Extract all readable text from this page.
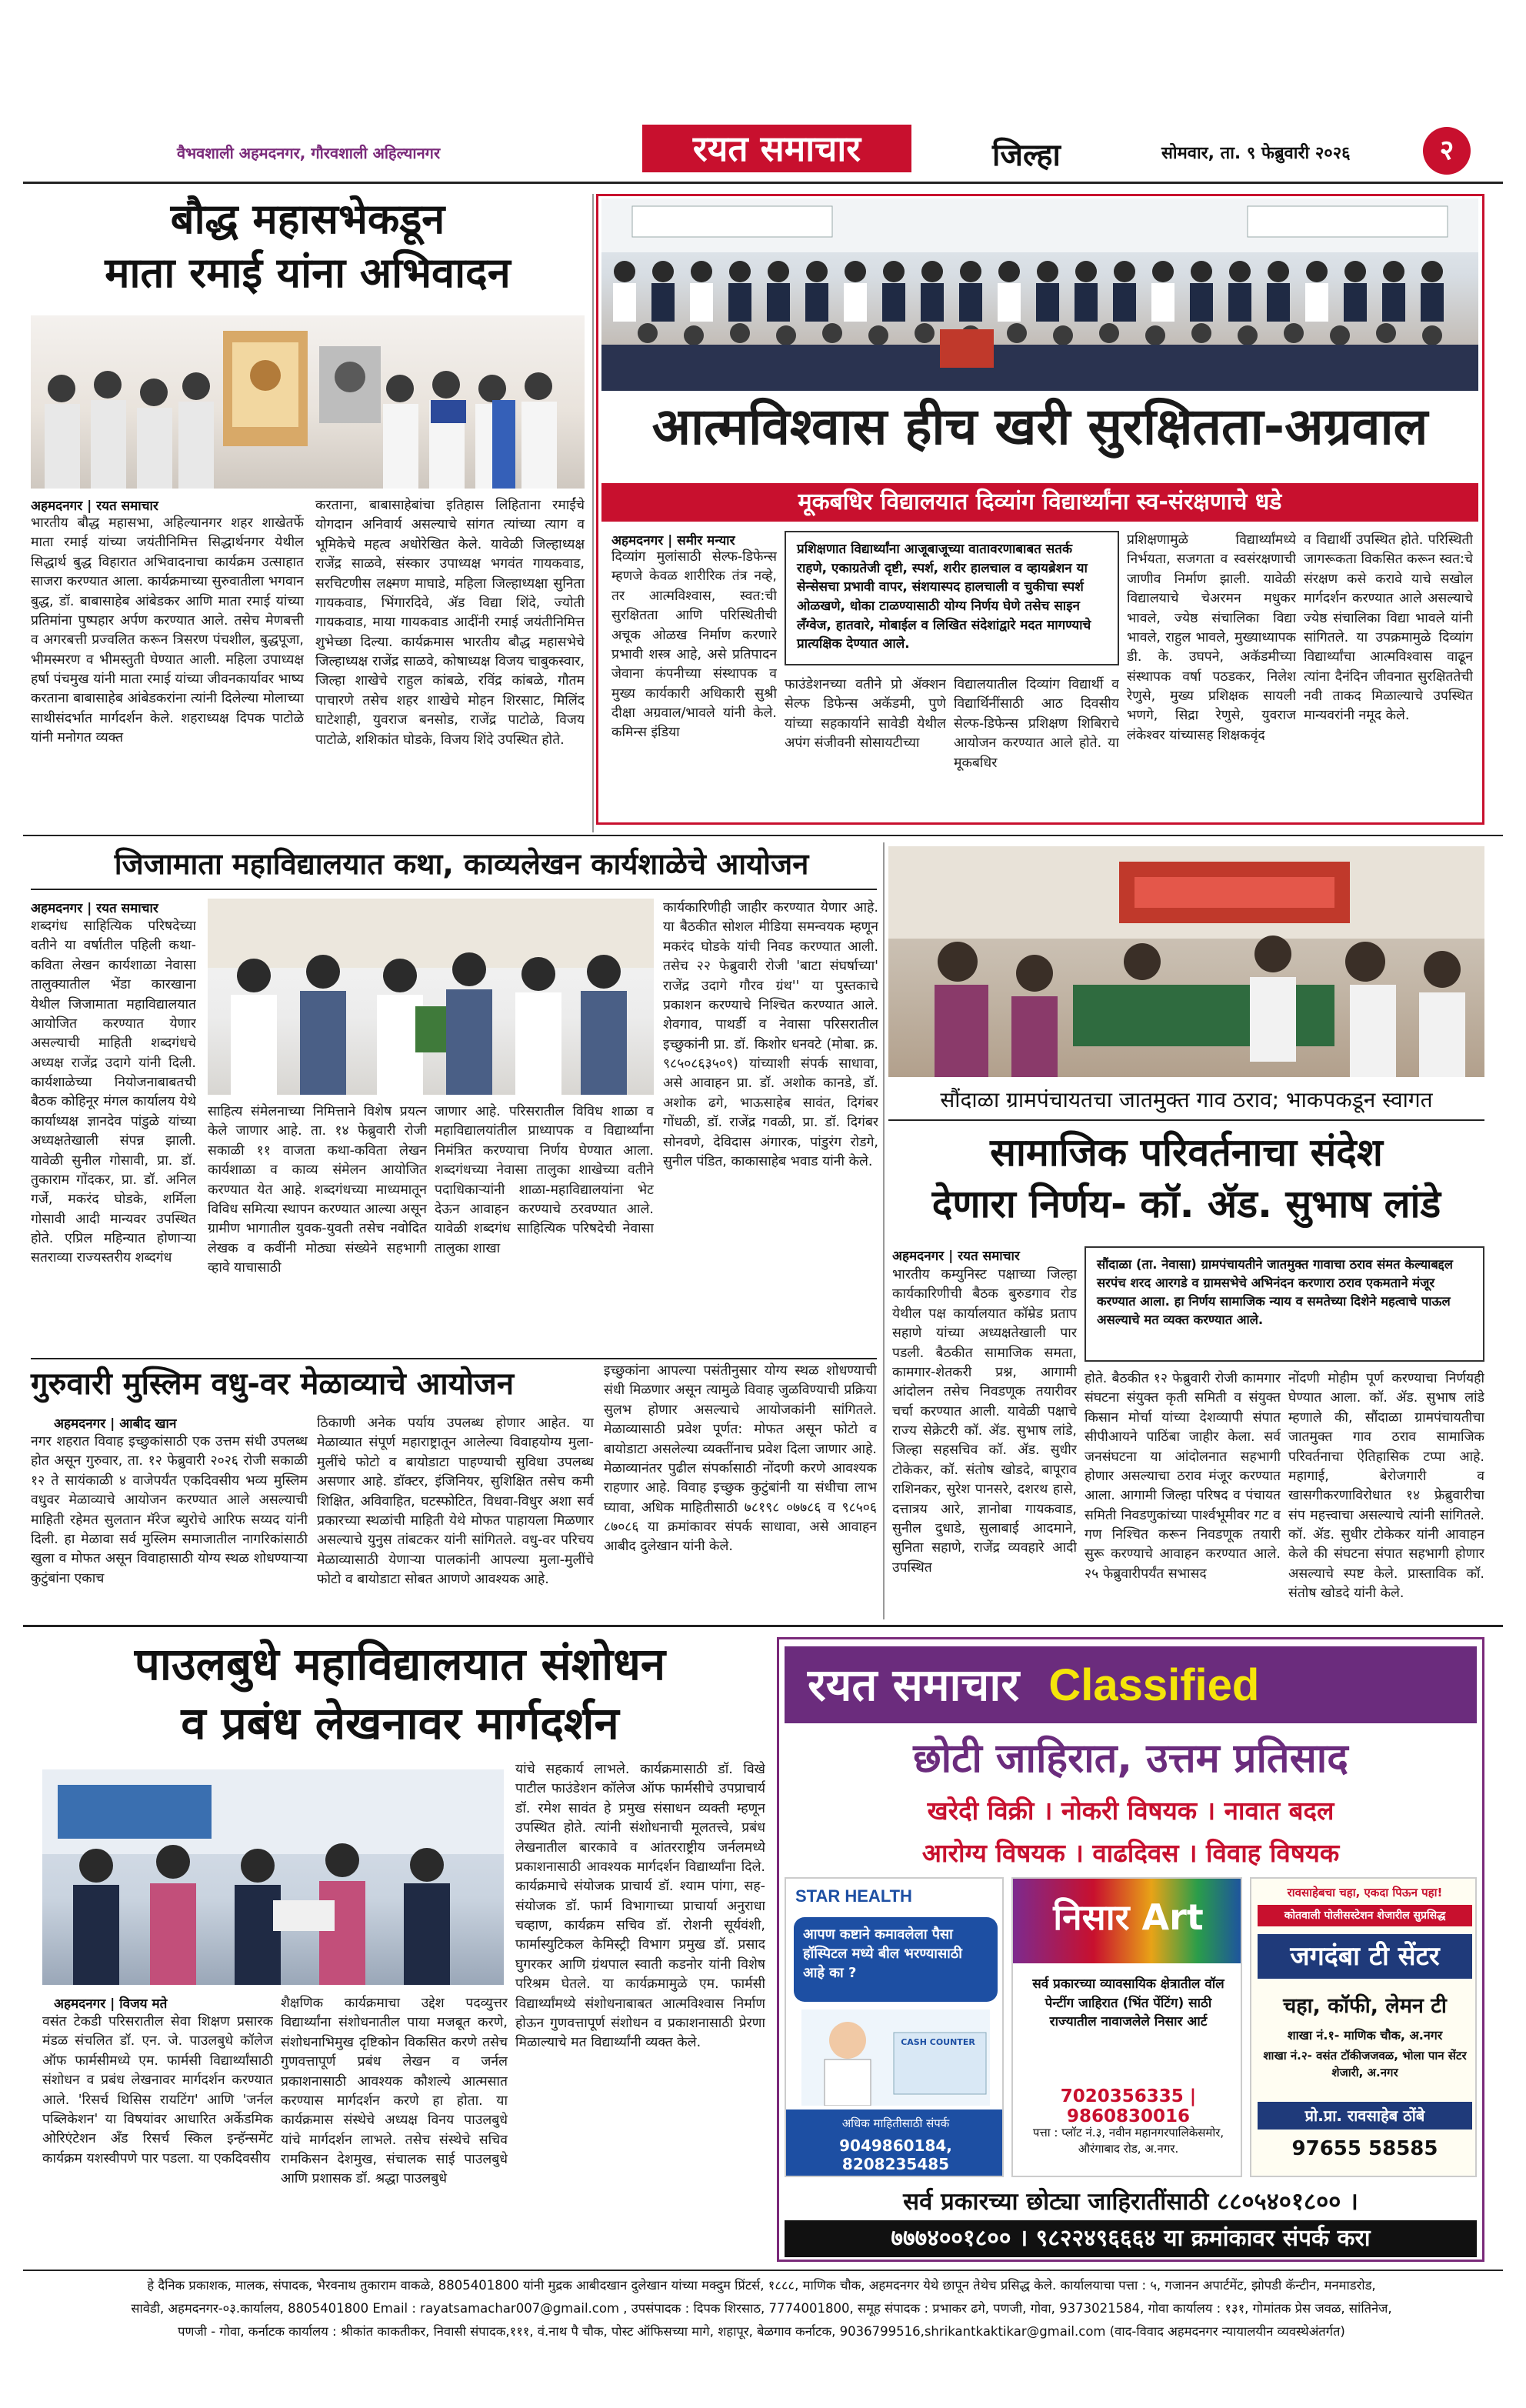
वैभवशाली अहमदनगर, गौरवशाली अहिल्यानगर	रयत समाचार	जिल्हा	सोमवार, ता. ९ फेब्रुवारी २०२६	२
बौद्ध महासभेकडून
माता रमाई यांना अभिवादन
अहमदनगर | रयत समाचार
भारतीय बौद्ध महासभा, अहिल्यानगर शहर शाखेतर्फे माता रमाई यांच्या जयंतीनिमित्त सिद्धार्थनगर येथील सिद्धार्थ बुद्ध विहारात अभिवादनाचा कार्यक्रम उत्साहात साजरा करण्यात आला. कार्यक्रमाच्या सुरुवातीला भगवान बुद्ध, डॉ. बाबासाहेब आंबेडकर आणि माता रमाई यांच्या प्रतिमांना पुष्पहार अर्पण करण्यात आले. तसेच मेणबत्ती व अगरबत्ती प्रज्वलित करून त्रिसरण पंचशील, बुद्धपूजा, भीमस्मरण व भीमस्तुती घेण्यात आली. महिला उपाध्यक्ष हर्षा पंचमुख यांनी माता रमाई यांच्या जीवनकार्यावर भाष्य करताना बाबासाहेब आंबेडकरांना त्यांनी दिलेल्या मोलाच्या साथीसंदर्भात मार्गदर्शन केले. शहराध्यक्ष दिपक पाटोळे यांनी मनोगत व्यक्त
करताना, बाबासाहेबांचा इतिहास लिहिताना रमाईंचे योगदान अनिवार्य असल्याचे सांगत त्यांच्या त्याग व भूमिकेचे महत्व अधोरेखित केले. यावेळी जिल्हाध्यक्ष राजेंद्र साळवे, संस्कार उपाध्यक्ष भगवंत गायकवाड, सरचिटणीस लक्ष्मण माघाडे, महिला जिल्हाध्यक्षा सुनिता गायकवाड, भिंगारदिवे, ॲड विद्या शिंदे, ज्योती गायकवाड, माया गायकवाड आदींनी रमाई जयंतीनिमित्त शुभेच्छा दिल्या. कार्यक्रमास भारतीय बौद्ध महासभेचे जिल्हाध्यक्ष राजेंद्र साळवे, कोषाध्यक्ष विजय चाबुकस्वार, जिल्हा शाखेचे राहुल कांबळे, रविंद्र कांबळे, गौतम पाचारणे तसेच शहर शाखेचे मोहन शिरसाट, मिलिंद घाटेशाही, युवराज बनसोड, राजेंद्र पाटोळे, विजय पाटोळे, शशिकांत घोडके, विजय शिंदे उपस्थित होते.
आत्मविश्वास हीच खरी सुरक्षितता-अग्रवाल
मूकबधिर विद्यालयात दिव्यांग विद्यार्थ्यांना स्व-संरक्षणाचे धडे
अहमदनगर | समीर मन्यार
दिव्यांग मुलांसाठी सेल्फ-डिफेन्स म्हणजे केवळ शारीरिक तंत्र नव्हे, तर आत्मविश्वास, स्वत:ची सुरक्षितता आणि परिस्थितीची अचूक ओळख निर्माण करणारे प्रभावी शस्त्र आहे, असे प्रतिपादन जेवाना कंपनीच्या संस्थापक व मुख्य कार्यकारी अधिकारी सुश्री दीक्षा अग्रवाल/भावले यांनी केले. कमिन्स इंडिया
प्रशिक्षणात विद्यार्थ्यांना आजूबाजूच्या वातावरणाबाबत सतर्क राहणे, एकाग्रतेजी दृष्टी, स्पर्श, शरीर हालचाल व व्हायब्रेशन या सेन्सेसचा प्रभावी वापर, संशयास्पद हालचाली व चुकीचा स्पर्श ओळखणे, धोका टाळण्यासाठी योग्य निर्णय घेणे तसेच साइन लँग्वेज, हातवारे, मोबाईल व लिखित संदेशांद्वारे मदत मागण्याचे प्रात्यक्षिक देण्यात आले.
फाउंडेशनच्या वतीने प्रो ॲक्शन सेल्फ डिफेन्स अकॅडमी, पुणे यांच्या सहकार्याने सावेडी येथील अपंग संजीवनी सोसायटीच्या
विद्यालयातील दिव्यांग विद्यार्थी व विद्यार्थिनींसाठी आठ दिवसीय सेल्फ-डिफेन्स प्रशिक्षण शिबिराचे आयोजन करण्यात आले होते. या मूकबधिर
प्रशिक्षणामुळे विद्यार्थ्यांमध्ये निर्भयता, सजगता व स्वसंरक्षणाची जाणीव निर्माण झाली. यावेळी विद्यालयाचे चेअरमन मधुकर भावले, ज्येष्ठ संचालिका विद्या भावले, राहुल भावले, मुख्याध्यापक डी. के. उघपने, अकॅडमीच्या संस्थापक वर्षा पठडकर, निलेश रेणुसे, मुख्य प्रशिक्षक सायली भणगे, सिद्रा रेणुसे, युवराज लंकेश्वर यांच्यासह शिक्षकवृंद
व विद्यार्थी उपस्थित होते. परिस्थिती जागरूकता विकसित करून स्वत:चे संरक्षण कसे करावे याचे सखोल मार्गदर्शन करण्यात आले असल्याचे ज्येष्ठ संचालिका विद्या भावले यांनी सांगितले. या उपक्रमामुळे दिव्यांग विद्यार्थ्यांचा आत्मविश्वास वाढून त्यांना दैनंदिन जीवनात सुरक्षिततेची नवी ताकद मिळाल्याचे उपस्थित मान्यवरांनी नमूद केले.
जिजामाता महाविद्यालयात कथा, काव्यलेखन कार्यशाळेचे आयोजन
अहमदनगर | रयत समाचार
शब्दगंध साहित्यिक परिषदेच्या वतीने या वर्षातील पहिली कथा-कविता लेखन कार्यशाळा नेवासा तालुक्यातील भेंडा कारखाना येथील जिजामाता महाविद्यालयात आयोजित करण्यात येणार असल्याची माहिती शब्दगंधचे अध्यक्ष राजेंद्र उदागे यांनी दिली. कार्यशाळेच्या नियोजनाबाबतची बैठक कोहिनूर मंगल कार्यालय येथे कार्याध्यक्ष ज्ञानदेव पांडुळे यांच्या अध्यक्षतेखाली संपन्न झाली. यावेळी सुनील गोसावी, प्रा. डॉ. तुकाराम गोंदकर, प्रा. डॉ. अनिल गर्जे, मकरंद घोडके, शर्मिला गोसावी आदी मान्यवर उपस्थित होते. एप्रिल महिन्यात होणाऱ्या सतराव्या राज्यस्तरीय शब्दगंध
साहित्य संमेलनाच्या निमित्ताने विशेष प्रयत्न केले जाणार आहे. ता. १४ फेब्रुवारी रोजी सकाळी ११ वाजता कथा-कविता लेखन कार्यशाळा व काव्य संमेलन आयोजित करण्यात येत आहे. शब्दगंधच्या माध्यमातून विविध समित्या स्थापन करण्यात आल्या असून ग्रामीण भागातील युवक-युवती तसेच नवोदित लेखक व कवींनी मोठ्या संख्येने सहभागी व्हावे याचासाठी
जाणार आहे. परिसरातील विविध शाळा व महाविद्यालयांतील प्राध्यापक व विद्यार्थ्यांना निमंत्रित करण्याचा निर्णय घेण्यात आला. शब्दगंधच्या नेवासा तालुका शाखेच्या वतीने पदाधिकाऱ्यांनी शाळा-महाविद्यालयांना भेट देऊन आवाहन करण्याचे ठरवण्यात आले. यावेळी शब्दगंध साहित्यिक परिषदेची नेवासा तालुका शाखा
कार्यकारिणीही जाहीर करण्यात येणार आहे. या बैठकीत सोशल मीडिया समन्वयक म्हणून मकरंद घोडके यांची निवड करण्यात आली. तसेच २२ फेब्रुवारी रोजी 'बाटा संघर्षाच्या' राजेंद्र उदागे गौरव ग्रंथ'' या पुस्तकाचे प्रकाशन करण्याचे निश्चित करण्यात आले. शेवगाव, पाथर्डी व नेवासा परिसरातील इच्छुकांनी प्रा. डॉ. किशोर धनवटे (मोबा. क्र. ९८५०८६३५०९) यांच्याशी संपर्क साधावा, असे आवाहन प्रा. डॉ. अशोक कानडे, डॉ. अशोक ढगे, भाऊसाहेब सावंत, दिगंबर गोंधळी, डॉ. राजेंद्र गवळी, प्रा. डॉ. दिगंबर सोनवणे, देविदास अंगारक, पांडुरंग रोडगे, सुनील पंडित, काकासाहेब भवाड यांनी केले.
सौंदाळा ग्रामपंचायतचा जातमुक्त गाव ठराव; भाकपकडून स्वागत
सामाजिक परिवर्तनाचा संदेश
देणारा निर्णय- कॉ. ॲड. सुभाष लांडे
अहमदनगर | रयत समाचार
भारतीय कम्युनिस्ट पक्षाच्या जिल्हा कार्यकारिणीची बैठक बुरुडगाव रोड येथील पक्ष कार्यालयात कॉम्रेड प्रताप सहाणे यांच्या अध्यक्षतेखाली पार पडली. बैठकीत सामाजिक समता, कामगार-शेतकरी प्रश्न, आगामी आंदोलन तसेच निवडणूक तयारीवर चर्चा करण्यात आली. यावेळी पक्षाचे राज्य सेक्रेटरी कॉ. ॲड. सुभाष लांडे, जिल्हा सहसचिव कॉ. ॲड. सुधीर टोकेकर, कॉ. संतोष खोडदे, बापूराव राशिनकर, सुरेश पानसरे, दशरथ हासे, दत्तात्रय आरे, ज्ञानोबा गायकवाड, सुनील दुधाडे, सुलाबाई आदमाने, सुनिता सहाणे, राजेंद्र व्यवहारे आदी उपस्थित
सौंदाळा (ता. नेवासा) ग्रामपंचायतीने जातमुक्त गावाचा ठराव संमत केल्याबद्दल सरपंच शरद आरगडे व ग्रामसभेचे अभिनंदन करणारा ठराव एकमताने मंजूर करण्यात आला. हा निर्णय सामाजिक न्याय व समतेच्या दिशेने महत्वाचे पाऊल असल्याचे मत व्यक्त करण्यात आले.
होते. बैठकीत १२ फेब्रुवारी रोजी कामगार संघटना संयुक्त कृती समिती व संयुक्त किसान मोर्चा यांच्या देशव्यापी संपात सीपीआयने पाठिंबा जाहीर केला. सर्व जनसंघटना या आंदोलनात सहभागी होणार असल्याचा ठराव मंजूर करण्यात आला. आगामी जिल्हा परिषद व पंचायत समिती निवडणुकांच्या पार्श्वभूमीवर गट व गण निश्चित करून निवडणूक तयारी सुरू करण्याचे आवाहन करण्यात आले. २५ फेब्रुवारीपर्यंत सभासद
नोंदणी मोहीम पूर्ण करण्याचा निर्णयही घेण्यात आला. कॉ. ॲड. सुभाष लांडे म्हणाले की, सौंदाळा ग्रामपंचायतीचा जातमुक्त गाव ठराव सामाजिक परिवर्तनाचा ऐतिहासिक टप्पा आहे. महागाई, बेरोजगारी व खासगीकरणाविरोधात १४ फ्रेब्रुवारीचा संप महत्त्वाचा असल्याचे त्यांनी सांगितले. कॉ. ॲड. सुधीर टोकेकर यांनी आवाहन केले की संघटना संपात सहभागी होणार असल्याचे स्पष्ट केले. प्रास्ताविक कॉ. संतोष खोडदे यांनी केले.
गुरुवारी मुस्लिम वधु-वर मेळाव्याचे आयोजन
अहमदनगर | आबीद खान
नगर शहरात विवाह इच्छुकांसाठी एक उत्तम संधी उपलब्ध होत असून गुरुवार, ता. १२ फेब्रुवारी २०२६ रोजी सकाळी १२ ते सायंकाळी ४ वाजेपर्यंत एकदिवसीय भव्य मुस्लिम वधुवर मेळाव्याचे आयोजन करण्यात आले असल्याची माहिती रहेमत सुलतान मॅरेज ब्युरोचे आरिफ सय्यद यांनी दिली. हा मेळावा सर्व मुस्लिम समाजातील नागरिकांसाठी खुला व मोफत असून विवाहासाठी योग्य स्थळ शोधण्याऱ्या कुटुंबांना एकाच
ठिकाणी अनेक पर्याय उपलब्ध होणार आहेत. या मेळाव्यात संपूर्ण महाराष्ट्रातून आलेल्या विवाहयोग्य मुला-मुलींचे फोटो व बायोडाटा पाहण्याची सुविधा उपलब्ध असणार आहे. डॉक्टर, इंजिनियर, सुशिक्षित तसेच कमी शिक्षित, अविवाहित, घटस्फोटित, विधवा-विधुर अशा सर्व प्रकारच्या स्थळांची माहिती येथे मोफत पाहायला मिळणार असल्याचे युनुस तांबटकर यांनी सांगितले. वधु-वर परिचय मेळाव्यासाठी येणाऱ्या पालकांनी आपल्या मुला-मुलींचे फोटो व बायोडाटा सोबत आणणे आवश्यक आहे.
इच्छुकांना आपल्या पसंतीनुसार योग्य स्थळ शोधण्याची संधी मिळणार असून त्यामुळे विवाह जुळविण्याची प्रक्रिया सुलभ होणार असल्याचे आयोजकांनी सांगितले. मेळाव्यासाठी प्रवेश पूर्णत: मोफत असून फोटो व बायोडाटा असलेल्या व्यक्तींनाच प्रवेश दिला जाणार आहे. मेळाव्यानंतर पुढील संपर्कासाठी नोंदणी करणे आवश्यक राहणार आहे. विवाह इच्छुक कुटुंबांनी या संधीचा लाभ घ्यावा, अधिक माहितीसाठी ७८१९८ ०७७८६ व ९८५०६ ८७०८६ या क्रमांकावर संपर्क साधावा, असे आवाहन आबीद दुलेखान यांनी केले.
पाउलबुधे महाविद्यालयात संशोधन
व प्रबंध लेखनावर मार्गदर्शन
अहमदनगर | विजय मते
वसंत टेकडी परिसरातील सेवा शिक्षण प्रसारक मंडळ संचलित डॉ. एन. जे. पाउलबुधे कॉलेज ऑफ फार्मसीमध्ये एम. फार्मसी विद्यार्थ्यांसाठी संशोधन व प्रबंध लेखनावर मार्गदर्शन करण्यात आले. 'रिसर्च थिसिस रायटिंग' आणि 'जर्नल पब्लिकेशन' या विषयांवर आधारित अर्केडमिक ओरिएंटेशन अँड रिसर्च स्किल इन्हॅन्समेंट कार्यक्रम यशस्वीपणे पार पडला. या एकदिवसीय
शैक्षणिक कार्यक्रमाचा उद्देश पदव्युत्तर विद्यार्थ्यांना संशोधनातील पाया मजबूत करणे, संशोधनाभिमुख दृष्टिकोन विकसित करणे तसेच गुणवत्तापूर्ण प्रबंध लेखन व जर्नल प्रकाशनासाठी आवश्यक कौशल्ये आत्मसात करण्यास मार्गदर्शन करणे हा होता. या कार्यक्रमास संस्थेचे अध्यक्ष विनय पाउलबुधे यांचे मार्गदर्शन लाभले. तसेच संस्थेचे सचिव रामकिसन देशमुख, संचालक साई पाउलबुधे आणि प्रशासक डॉ. श्रद्धा पाउलबुधे
यांचे सहकार्य लाभले. कार्यक्रमासाठी डॉ. विखे पाटील फाउंडेशन कॉलेज ऑफ फार्मसीचे उपप्राचार्य डॉ. रमेश सावंत हे प्रमुख संसाधन व्यक्ती म्हणून उपस्थित होते. त्यांनी संशोधनाची मूलतत्त्वे, प्रबंध लेखनातील बारकावे व आंतरराष्ट्रीय जर्नलमध्ये प्रकाशनासाठी आवश्यक मार्गदर्शन विद्यार्थ्यांना दिले. कार्यक्रमाचे संयोजक प्राचार्य डॉ. श्याम पांगा, सह-संयोजक डॉ. फार्म विभागाच्या प्राचार्या अनुराधा चव्हाण, कार्यक्रम सचिव डॉ. रोशनी सूर्यवंशी, फार्मास्युटिकल केमिस्ट्री विभाग प्रमुख डॉ. प्रसाद घुगरकर आणि ग्रंथपाल स्वाती कडनोर यांनी विशेष परिश्रम घेतले. या कार्यक्रमामुळे एम. फार्मसी विद्यार्थ्यांमध्ये संशोधनाबाबत आत्मविश्वास निर्माण होऊन गुणवत्तापूर्ण संशोधन व प्रकाशनासाठी प्रेरणा मिळाल्याचे मत विद्यार्थ्यांनी व्यक्त केले.
रयत समाचार Classified
छोटी जाहिरात, उत्तम प्रतिसाद
खरेदी विक्री । नोकरी विषयक । नावात बदल
आरोग्य विषयक । वाढदिवस । विवाह विषयक
STAR HEALTH
आपण कष्टाने कमावलेला पैसा हॉस्पिटल मध्ये बील भरण्यासाठी आहे का ?
CASH COUNTER
अधिक माहितीसाठी संपर्क
9049860184, 8208235485
निसार Art
सर्व प्रकारच्या व्यावसायिक क्षेत्रातील वॉल पेन्टींग जाहिरात (भिंत पेंटिंग) साठी राज्यातील नावाजलेले निसार आर्ट
7020356335 | 9860830016
पत्ता : प्लॉट नं.३, नवीन महानगरपालिकेसमोर, औरंगाबाद रोड, अ.नगर.
रावसाहेबचा चहा, एकदा पिऊन पहा!
कोतवाली पोलीसस्टेशन शेजारील सुप्रसिद्ध
जगदंबा टी सेंटर
चहा, कॉफी, लेमन टी
शाखा नं.१- माणिक चौक, अ.नगर
शाखा नं.२- वसंत टॉकीजजवळ, भोला पान सेंटर शेजारी, अ.नगर
प्रो.प्रा. रावसाहेब ठोंबे
97655 58585
सर्व प्रकारच्या छोट्या जाहिरातींसाठी ८८०५४०१८०० ।
७७७४००१८०० । ९८२२४९६६६४ या क्रमांकावर संपर्क करा
हे दैनिक प्रकाशक, मालक, संपादक, भैरवनाथ तुकाराम वाकळे, 8805401800 यांनी मुद्रक आबीदखान दुलेखान यांच्या मक्दुम प्रिंटर्स, १८८८, माणिक चौक, अहमदनगर येथे छापून तेथेच प्रसिद्ध केले. कार्यालयाचा पत्ता : ५, गजानन अपार्टमेंट, झोपडी कॅन्टीन, मनमाडरोड,
सावेडी, अहमदनगर-०३.कार्यालय, 8805401800 Email : rayatsamachar007@gmail.com , उपसंपादक : दिपक शिरसाठ, 7774001800, समूह संपादक : प्रभाकर ढगे, पणजी, गोवा, 9373021584, गोवा कार्यालय : १३१, गोमांतक प्रेस जवळ, सांतिनेज,
पणजी - गोवा, कर्नाटक कार्यालय : श्रीकांत काकतीकर, निवासी संपादक,१११, वं.नाथ पै चौक, पोस्ट ऑफिसच्या मागे, शहापूर, बेळगाव कर्नाटक, 9036799516,shrikantkaktikar@gmail.com (वाद-विवाद अहमदनगर न्यायालयीन व्यवस्थेअंतर्गत)
